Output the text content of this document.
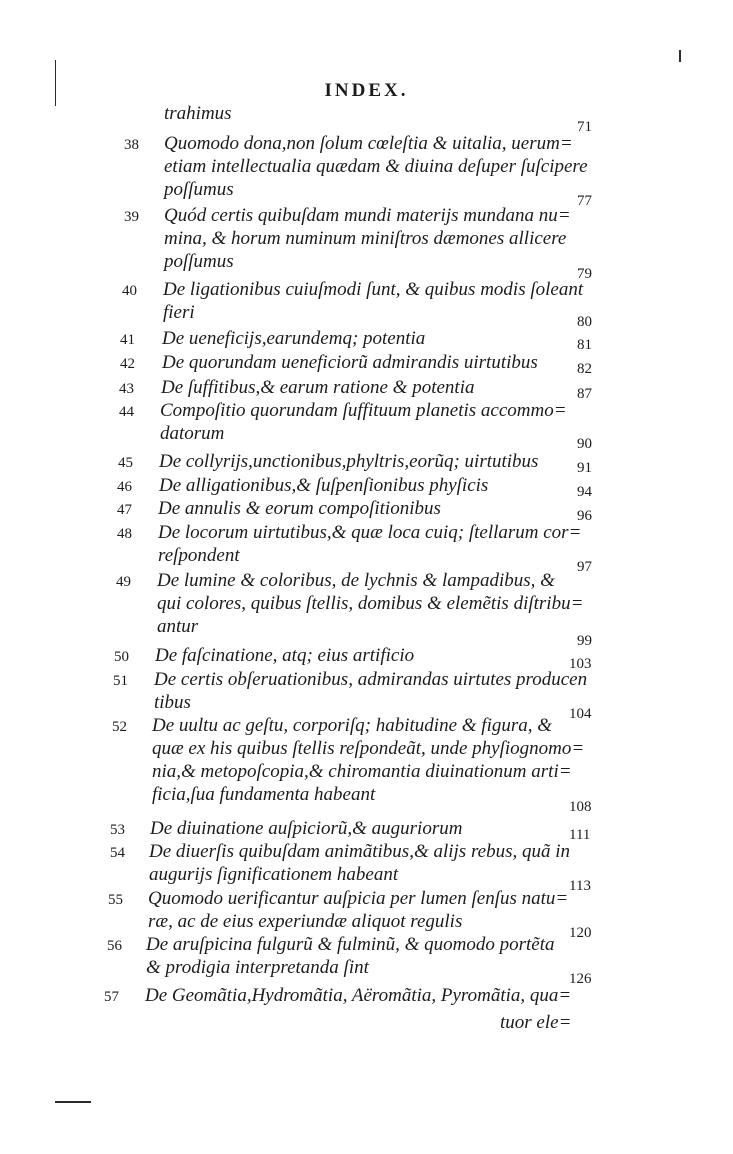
INDEX.
trahimus
71
38 Quomodo dona,non ſolum cœleſtia & uitalia, uerum=
etiam intellectualia quædam & diuina deſuper ſuſcipere
poſſumus
77
39 Quód certis quibuſdam mundi materijs mundana nu=
mina, & horum numinum miniſtros dæmones allicere
poſſumus
79
40 De ligationibus cuiuſmodi ſunt, & quibus modis ſoleant
fieri	80
41 De ueneficijs,earundemq; potentia	81
42 De quorundam ueneficiorũ admirandis uirtutibus	82
43 De ſuffitibus,& earum ratione & potentia	87
44 Compoſitio quorundam ſuffituum planetis accommo=
datorum	90
45 De collyrijs,unctionibus,phyltris,eorũq; uirtutibus	91
46 De alligationibus,& ſuſpenſionibus phyſicis	94
47 De annulis & eorum compoſitionibus	96
48 De locorum uirtutibus,& quæ loca cuiq; ſtellarum cor=
reſpondent
97
49 De lumine & coloribus, de lychnis & lampadibus, &
qui colores, quibus ſtellis, domibus & elemẽtis diſtribu=
antur
99
50 De faſcinatione, atq; eius artificio	103
51 De certis obſeruationibus, admirandas uirtutes producen
tibus
104
52 De uultu ac geſtu, corporiſq; habitudine & figura, &
quæ ex his quibus ſtellis reſpondeãt, unde phyſiognomo=
nia,& metopoſcopia,& chiromantia diuinationum arti=
ficia,ſua fundamenta habeant
108
53 De diuinatione auſpiciorũ,& auguriorum	111
54 De diuerſis quibuſdam animãtibus,& alijs rebus, quã in
augurijs ſignificationem habeant
113
55 Quomodo uerificantur auſpicia per lumen ſenſus natu=
ræ, ac de eius experiundæ aliquot regulis
120
56 De aruſpicina fulgurũ & fulminũ, & quomodo portẽta
& prodigia interpretanda ſint
126
57 De Geomãtia,Hydromãtia, Aëromãtia, Pyromãtia, qua=
tuor ele=
